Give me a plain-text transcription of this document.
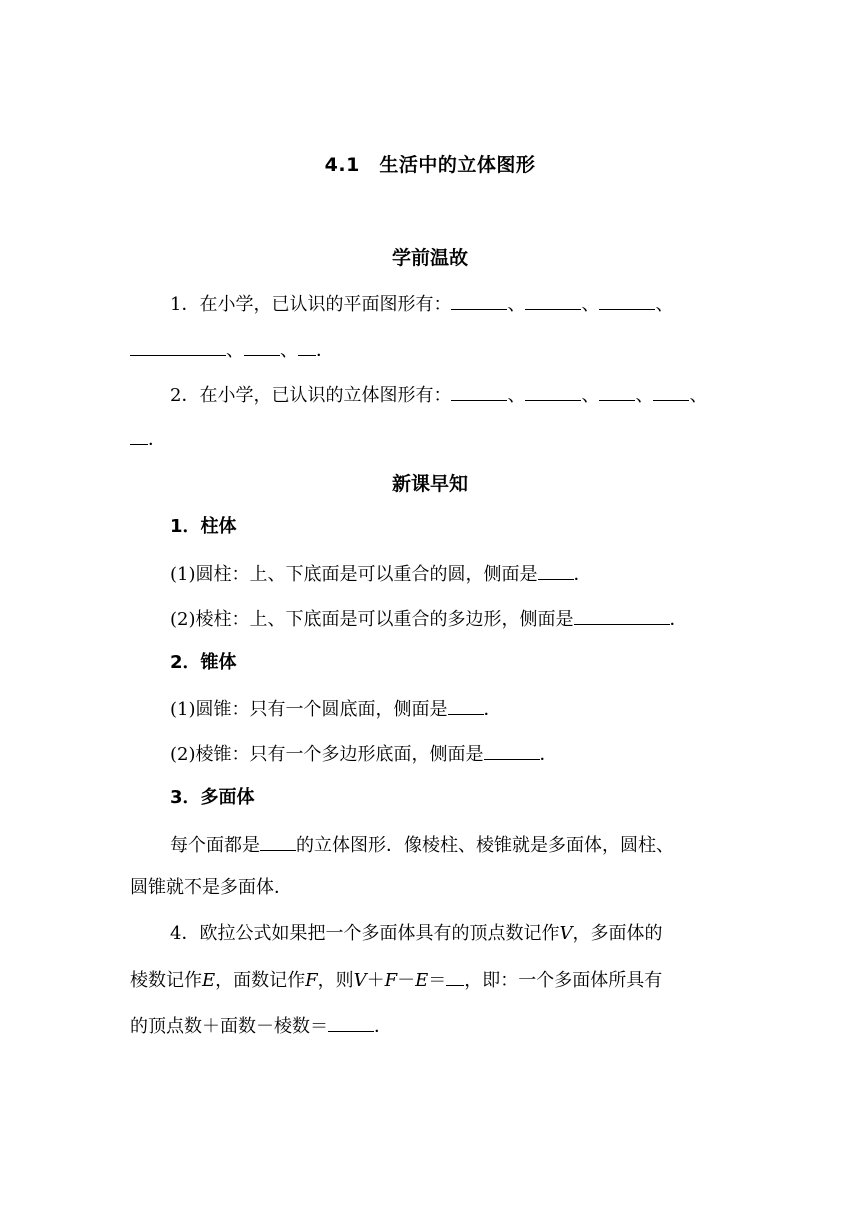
4.1　生活中的立体图形
学前温故
1．在小学，已认识的平面图形有：	、	、	、
、 、 ．
2．在小学，已认识的立体图形有：	、	、 、 、
．
新课早知
1．柱体
(1)圆柱：上、下底面是可以重合的圆，侧面是 ．
(2)棱柱：上、下底面是可以重合的多边形，侧面是	．
2．锥体
(1)圆锥：只有一个圆底面，侧面是 ．
(2)棱锥：只有一个多边形底面，侧面是	．
3．多面体
每个面都是 的立体图形．像棱柱、棱锥就是多面体，圆柱、
圆锥就不是多面体．
4．欧拉公式如果把一个多面体具有的顶点数记作V，多面体的
棱数记作E，面数记作F，则V＋F－E＝ ，即：一个多面体所具有
的顶点数＋面数－棱数＝	．
